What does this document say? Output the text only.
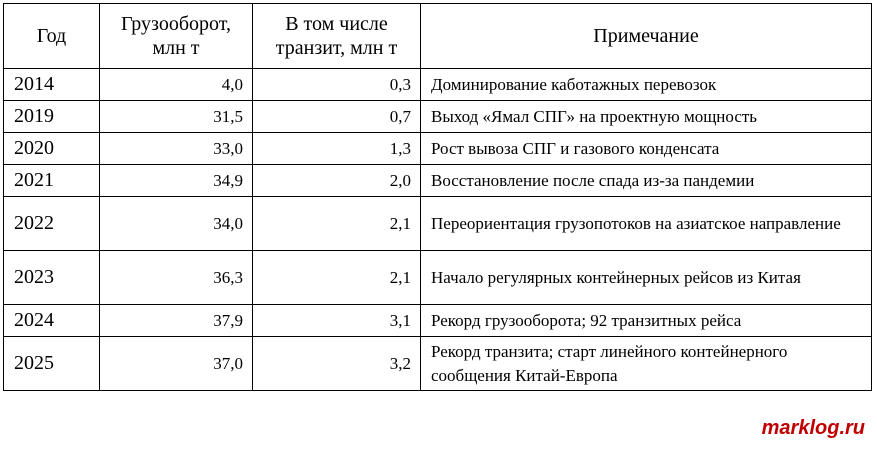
Год	Грузооборот, млн т	В том числе транзит, млн т	Примечание
2014	4,0	0,3	Доминирование каботажных перевозок
2019	31,5	0,7	Выход «Ямал СПГ» на проектную мощность
2020	33,0	1,3	Рост вывоза СПГ и газового конденсата
2021	34,9	2,0	Восстановление после спада из-за пандемии
2022	34,0	2,1	Переориентация грузопотоков на азиатское направление
2023	36,3	2,1	Начало регулярных контейнерных рейсов из Китая
2024	37,9	3,1	Рекорд грузооборота; 92 транзитных рейса
2025	37,0	3,2	Рекорд транзита; старт линейного контейнерного сообщения Китай-Европа
marklog.ru
